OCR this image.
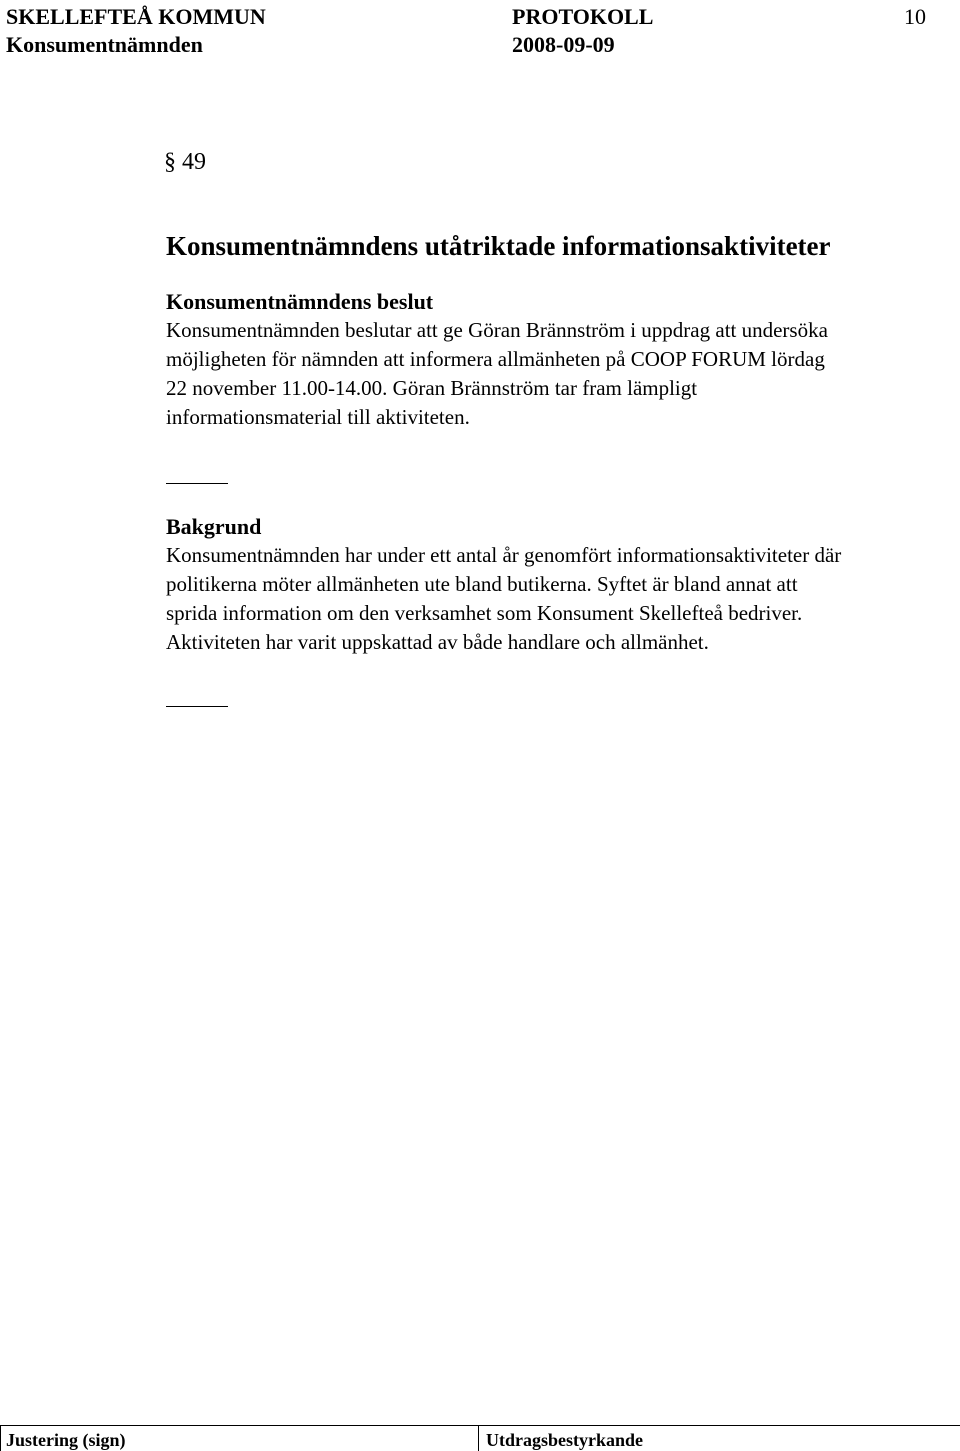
SKELLEFTEÅ KOMMUN	PROTOKOLL	10
Konsumentnämnden	2008-09-09
§ 49
Konsumentnämndens utåtriktade informationsaktiviteter
Konsumentnämndens beslut
Konsumentnämnden beslutar att ge Göran Brännström i uppdrag att undersöka
möjligheten för nämnden att informera allmänheten på COOP FORUM lördag
22 november 11.00-14.00. Göran Brännström tar fram lämpligt
informationsmaterial till aktiviteten.
Bakgrund
Konsumentnämnden har under ett antal år genomfört informationsaktiviteter där
politikerna möter allmänheten ute bland butikerna. Syftet är bland annat att
sprida information om den verksamhet som Konsument Skellefteå bedriver.
Aktiviteten har varit uppskattad av både handlare och allmänhet.
Justering (sign)	Utdragsbestyrkande
